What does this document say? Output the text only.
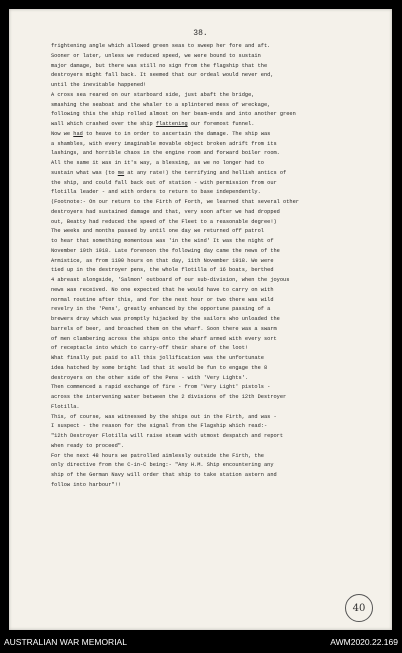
38.

frightening angle which allowed green seas to sweep her fore and aft.

Sooner or later, unless we reduced speed, we were bound to sustain

major damage, but there was still no sign from the flagship that the

destroyers might fall back. It seemed that our ordeal would never end,

until the inevitable happened!

A cross sea reared on our starboard side, just abaft the bridge,

smashing the seaboat and the whaler to a splintered mess of wreckage,

following this the ship rolled almost on her beam-ends and into another green

wall which crashed over the ship flattening our foremost funnel.

Now we had to heave to in order to ascertain the damage. The ship was

a shambles, with every imaginable movable object broken adrift from its

lashings, and horrible chaos in the engine room and forward boiler room.

All the same it was in it's way, a blessing, as we no longer had to

sustain what was (to me at any rate!) the terrifying and hellish antics of

the ship, and could fall back out of station - with permission from our

flotilla leader - and with orders to return to base independently.

(Footnote:- On our return to the Firth of Forth, we learned that several other

destroyers had sustained damage and that, very soon after we had dropped

out, Beatty had reduced the speed of the Fleet to a reasonable degree!)

The weeks and months passed by until one day we returned off patrol

to hear that something momentous was 'in the wind' It was the night of

November 10th 1918. Late forenoon the following day came the news of the

Armistice, as from 1100 hours on that day, 11th November 1918. We were

tied up in the destroyer pens, the whole flotilla of 16 boats, berthed

4 abreast alongside, 'Salmon' outboard of our sub-division, when the joyous

news was received. No one expected that he would have to carry on with

normal routine after this, and for the next hour or two there was wild

revelry in the 'Pens', greatly enhanced by the opportune passing of a

brewers dray which was promptly hijacked by the sailors who unloaded the

barrels of beer, and broached them on the wharf. Soon there was a swarm

of men clambering across the ships onto the wharf armed with every sort

of receptacle into which to carry-off their share of the loot!

What finally put paid to all this jollification was the unfortunate

idea hatched by some bright lad that it would be fun to engage the 8

destroyers on the other side of the Pens - with 'Very Lights'.

Then commenced a rapid exchange of fire - from 'Very Light' pistols -

across the intervening water between the 2 divisions of the 12th Destroyer

Flotilla.

This, of course, was witnessed by the ships out in the Firth, and was -

I suspect - the reason for the signal from the Flagship which read:-

"12th Destroyer Flotilla will raise steam with utmost despatch and report

when ready to proceed".

For the next 48 hours we patrolled aimlessly outside the Firth, the

only directive from the C-in-C being:- "Any H.M. Ship encountering any

ship of the German Navy will order that ship to take station astern and

follow into harbour"!!

40
AUSTRALIAN WAR MEMORIAL	AWM2020.22.169
